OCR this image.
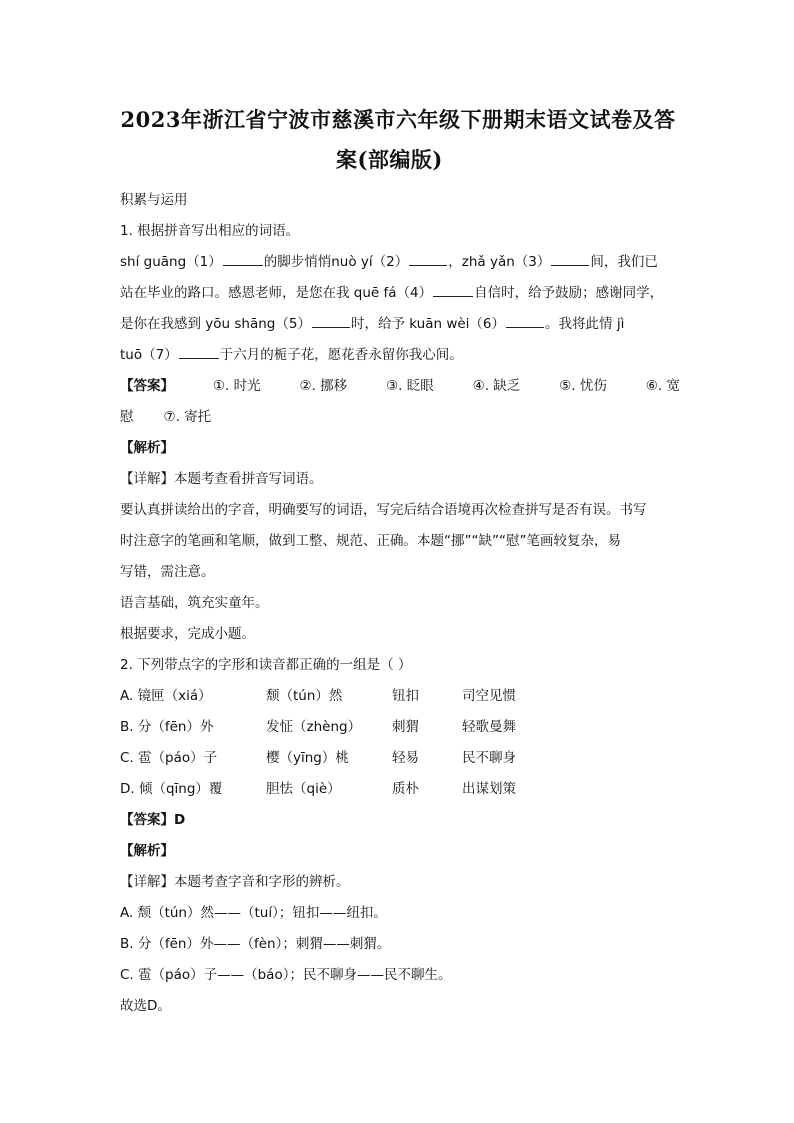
2023年浙江省宁波市慈溪市六年级下册期末语文试卷及答
案(部编版)
积累与运用
1. 根据拼音写出相应的词语。
shí guāng（1）	的脚步悄悄nuò yí（2）	，zhǎ yǎn（3）	间，我们已
站在毕业的路口。感恩老师，是您在我 quē fá（4）	自信时，给予鼓励；感谢同学，
是你在我感到 yōu shāng（5）	时，给予 kuān wèi（6）	。我将此情 jì
tuō（7）	于六月的栀子花，愿花香永留你我心间。
【答案】	①. 时光	②. 挪移	③. 眨眼	④. 缺乏	⑤. 忧伤	⑥. 宽
慰 ⑦. 寄托
【解析】
【详解】本题考查看拼音写词语。
要认真拼读给出的字音，明确要写的词语，写完后结合语境再次检查拼写是否有误。书写
时注意字的笔画和笔顺，做到工整、规范、正确。本题“挪”“缺”“慰”笔画较复杂，易
写错，需注意。
语言基础，筑充实童年。
根据要求，完成小题。
2. 下列带点字的字形和读音都正确的一组是（ ）
A. 镜匣（xiá）	颓（tún）然	钮扣	司空见惯
B. 分（fēn）外	发怔（zhèng）	刺猬	轻歌曼舞
C. 雹（páo）子	樱（yīng）桃	轻易	民不聊身
D. 倾（qīng）覆	胆怯（qiè）	质朴	出谋划策
【答案】D
【解析】
【详解】本题考查字音和字形的辨析。
A. 颓（tún）然——（tuí）；钮扣——纽扣。
B. 分（fēn）外——（fèn）；刺猬——刺猬。
C. 雹（páo）子——（báo）；民不聊身——民不聊生。
故选D。
